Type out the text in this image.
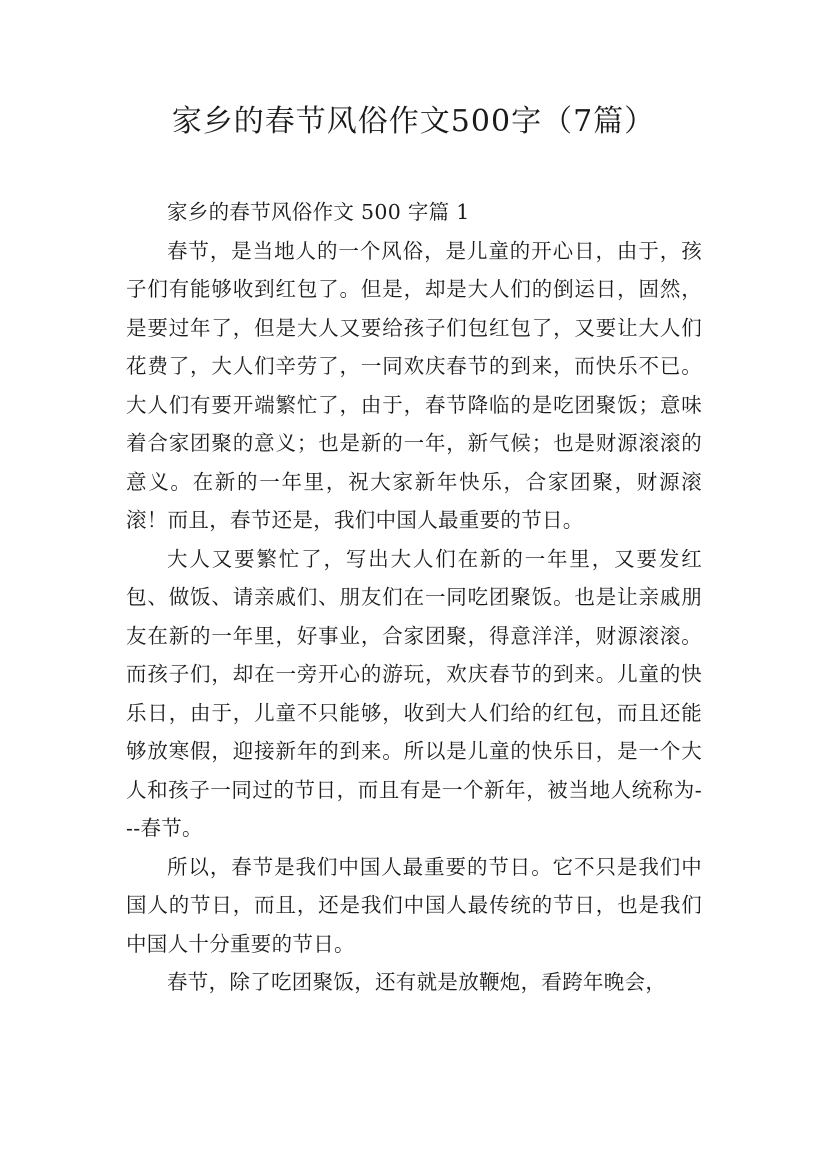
家乡的春节风俗作文500字（7篇）
家乡的春节风俗作文 500 字篇 1

春节，是当地人的一个风俗，是儿童的开心日，由于，孩子们有能够收到红包了。但是，却是大人们的倒运日，固然，是要过年了，但是大人又要给孩子们包红包了，又要让大人们花费了，大人们辛劳了，一同欢庆春节的到来，而快乐不已。大人们有要开端繁忙了，由于，春节降临的是吃团聚饭；意味着合家团聚的意义；也是新的一年，新气候；也是财源滚滚的意义。在新的一年里，祝大家新年快乐，合家团聚，财源滚滚！而且，春节还是，我们中国人最重要的节日。

大人又要繁忙了，写出大人们在新的一年里，又要发红包、做饭、请亲戚们、朋友们在一同吃团聚饭。也是让亲戚朋友在新的一年里，好事业，合家团聚，得意洋洋，财源滚滚。而孩子们，却在一旁开心的游玩，欢庆春节的到来。儿童的快乐日，由于，儿童不只能够，收到大人们给的红包，而且还能够放寒假，迎接新年的到来。所以是儿童的快乐日，是一个大人和孩子一同过的节日，而且有是一个新年，被当地人统称为---春节。

所以，春节是我们中国人最重要的节日。它不只是我们中国人的节日，而且，还是我们中国人最传统的节日，也是我们中国人十分重要的节日。

春节，除了吃团聚饭，还有就是放鞭炮，看跨年晚会，
